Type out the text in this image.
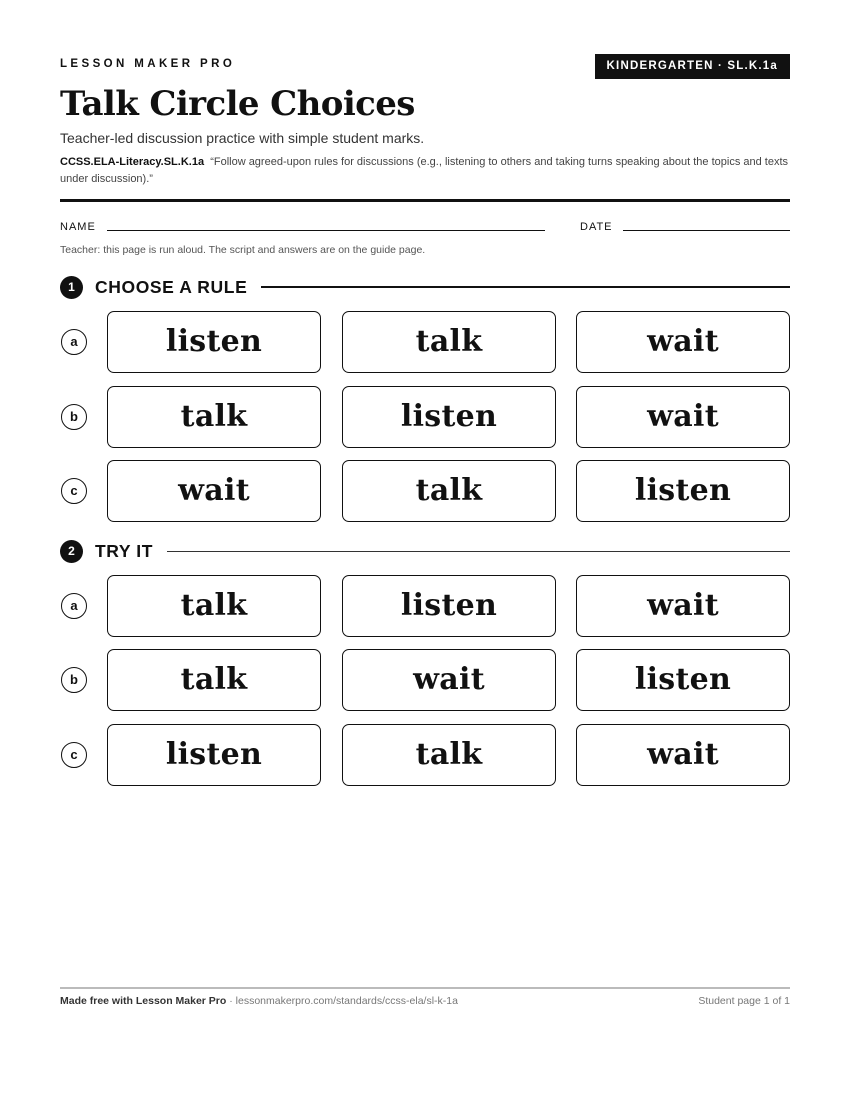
LESSON MAKER PRO	KINDERGARTEN · SL.K.1a
Talk Circle Choices
Teacher-led discussion practice with simple student marks.
CCSS.ELA-Literacy.SL.K.1a “Follow agreed-upon rules for discussions (e.g., listening to others and taking turns speaking about the topics and texts under discussion).”
NAME	DATE
Teacher: this page is run aloud. The script and answers are on the guide page.
1	CHOOSE A RULE
a	listen	talk	wait
b	talk	listen	wait
c	wait	talk	listen
2	TRY IT
a	talk	listen	wait
b	talk	wait	listen
c	listen	talk	wait
Made free with Lesson Maker Pro · lessonmakerpro.com/standards/ccss-ela/sl-k-1a	Student page 1 of 1
